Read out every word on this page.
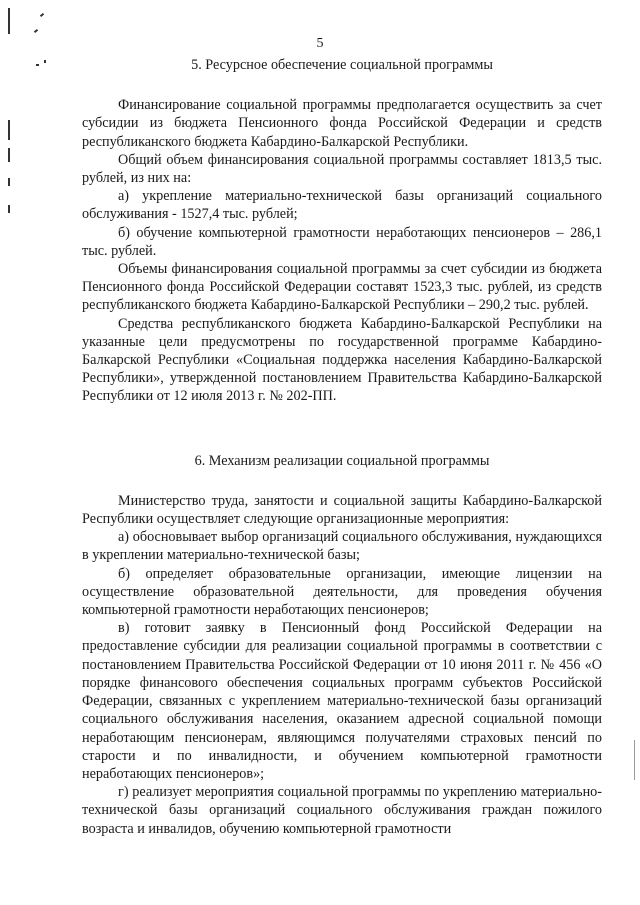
5
5. Ресурсное обеспечение социальной программы

Финансирование социальной программы предполагается осуществить за счет субсидии из бюджета Пенсионного фонда Российской Федерации и средств республиканского бюджета Кабардино-Балкарской Республики.

Общий объем финансирования социальной программы составляет 1813,5 тыс. рублей, из них на:

а) укрепление материально-технической базы организаций социального обслуживания - 1527,4 тыс. рублей;

б) обучение компьютерной грамотности неработающих пенсионеров – 286,1 тыс. рублей.

Объемы финансирования социальной программы за счет субсидии из бюджета Пенсионного фонда Российской Федерации составят 1523,3 тыс. рублей, из средств республиканского бюджета Кабардино-Балкарской Республики – 290,2 тыс. рублей.

Средства республиканского бюджета Кабардино-Балкарской Республики на указанные цели предусмотрены по государственной программе Кабардино-Балкарской Республики «Социальная поддержка населения Кабардино-Балкарской Республики», утвержденной постановлением Правительства Кабардино-Балкарской Республики от 12 июля 2013 г. № 202-ПП.

6. Механизм реализации социальной программы

Министерство труда, занятости и социальной защиты Кабардино-Балкарской Республики осуществляет следующие организационные мероприятия:

а) обосновывает выбор организаций социального обслуживания, нуждающихся в укреплении материально-технической базы;

б) определяет образовательные организации, имеющие лицензии на осуществление образовательной деятельности, для проведения обучения компьютерной грамотности неработающих пенсионеров;

в) готовит заявку в Пенсионный фонд Российской Федерации на предоставление субсидии для реализации социальной программы в соответствии с постановлением Правительства Российской Федерации от 10 июня 2011 г. № 456 «О порядке финансового обеспечения социальных программ субъектов Российской Федерации, связанных с укреплением материально-технической базы организаций социального обслуживания населения, оказанием адресной социальной помощи неработающим пенсионерам, являющимся получателями страховых пенсий по старости и по инвалидности, и обучением компьютерной грамотности неработающих пенсионеров»;

г) реализует мероприятия социальной программы по укреплению материально-технической базы организаций социального обслуживания граждан пожилого возраста и инвалидов, обучению компьютерной грамотности
